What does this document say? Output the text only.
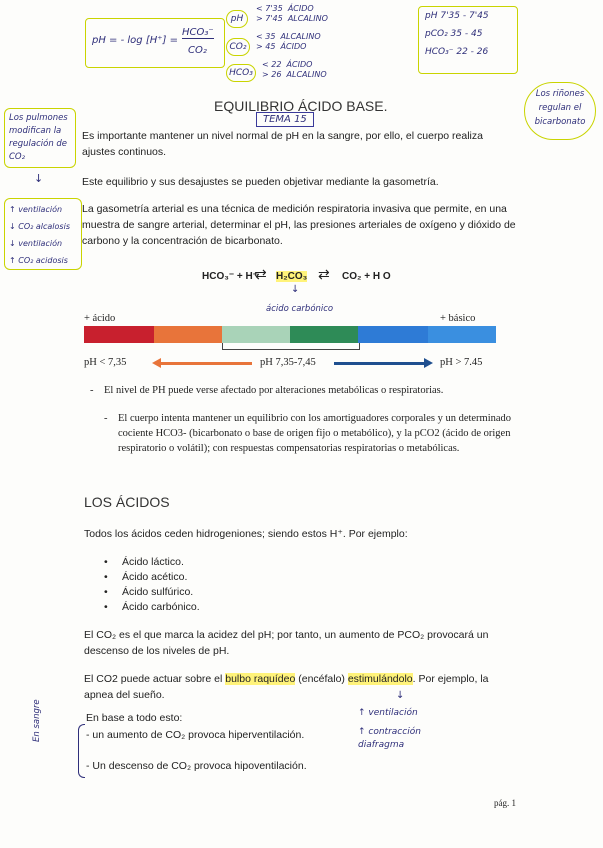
pH = - log [H⁺] =
HCO₃⁻
CO₂
pH
< 7'35 ÁCIDO
> 7'45 ALCALINO
CO₂
< 35 ALCALINO
> 45 ÁCIDO
HCO₃
< 22 ÁCIDO
> 26 ALCALINO
pH 7'35 - 7'45
pCO₂ 35 - 45
HCO₃⁻ 22 - 26
EQUILIBRIO ÁCIDO BASE.
TEMA 15
Los pulmones modifican la regulación de CO₂
↓
Los riñones regulan el bicarbonato
↑ ventilación
↓ CO₂ alcalosis
↓ ventilación
↑ CO₂ acidosis
Es importante mantener un nivel normal de pH en la sangre, por ello, el cuerpo realiza ajustes continuos.
Este equilibrio y sus desajustes se pueden objetivar mediante la gasometría.
La gasometría arterial es una técnica de medición respiratoria invasiva que permite, en una muestra de sangre arterial, determinar el pH, las presiones arteriales de oxígeno y dióxido de carbono y la concentración de bicarbonato.
HCO₃⁻ + H⁺
⇄ H₂CO₃ ⇄ CO₂ + H O
↓
ácido carbónico
+ ácido	+ básico
pH < 7,35	pH 7,35-7,45	pH > 7.45
- El nivel de PH puede verse afectado por alteraciones metabólicas o respiratorias.
- El cuerpo intenta mantener un equilibrio con los amortiguadores corporales y un determinado cociente HCO3- (bicarbonato o base de origen fijo o metabólico), y la pCO2 (ácido de origen respiratorio o volátil); con respuestas compensatorias respiratorias o metabólicas.
LOS ÁCIDOS
Todos los ácidos ceden hidrogeniones; siendo estos H⁺. Por ejemplo:
• Ácido láctico.
• Ácido acético.
• Ácido sulfúrico.
• Ácido carbónico.
El CO₂ es el que marca la acidez del pH; por tanto, un aumento de PCO₂ provocará un descenso de los niveles de pH.
El CO2 puede actuar sobre el bulbo raquídeo (encéfalo) estimulándolo. Por ejemplo, la apnea del sueño.	↓
↑ ventilación
↑ contracción diafragma
En base a todo esto:
- un aumento de CO₂ provoca hiperventilación.
- Un descenso de CO₂ provoca hipoventilación.
En sangre
pág. 1
